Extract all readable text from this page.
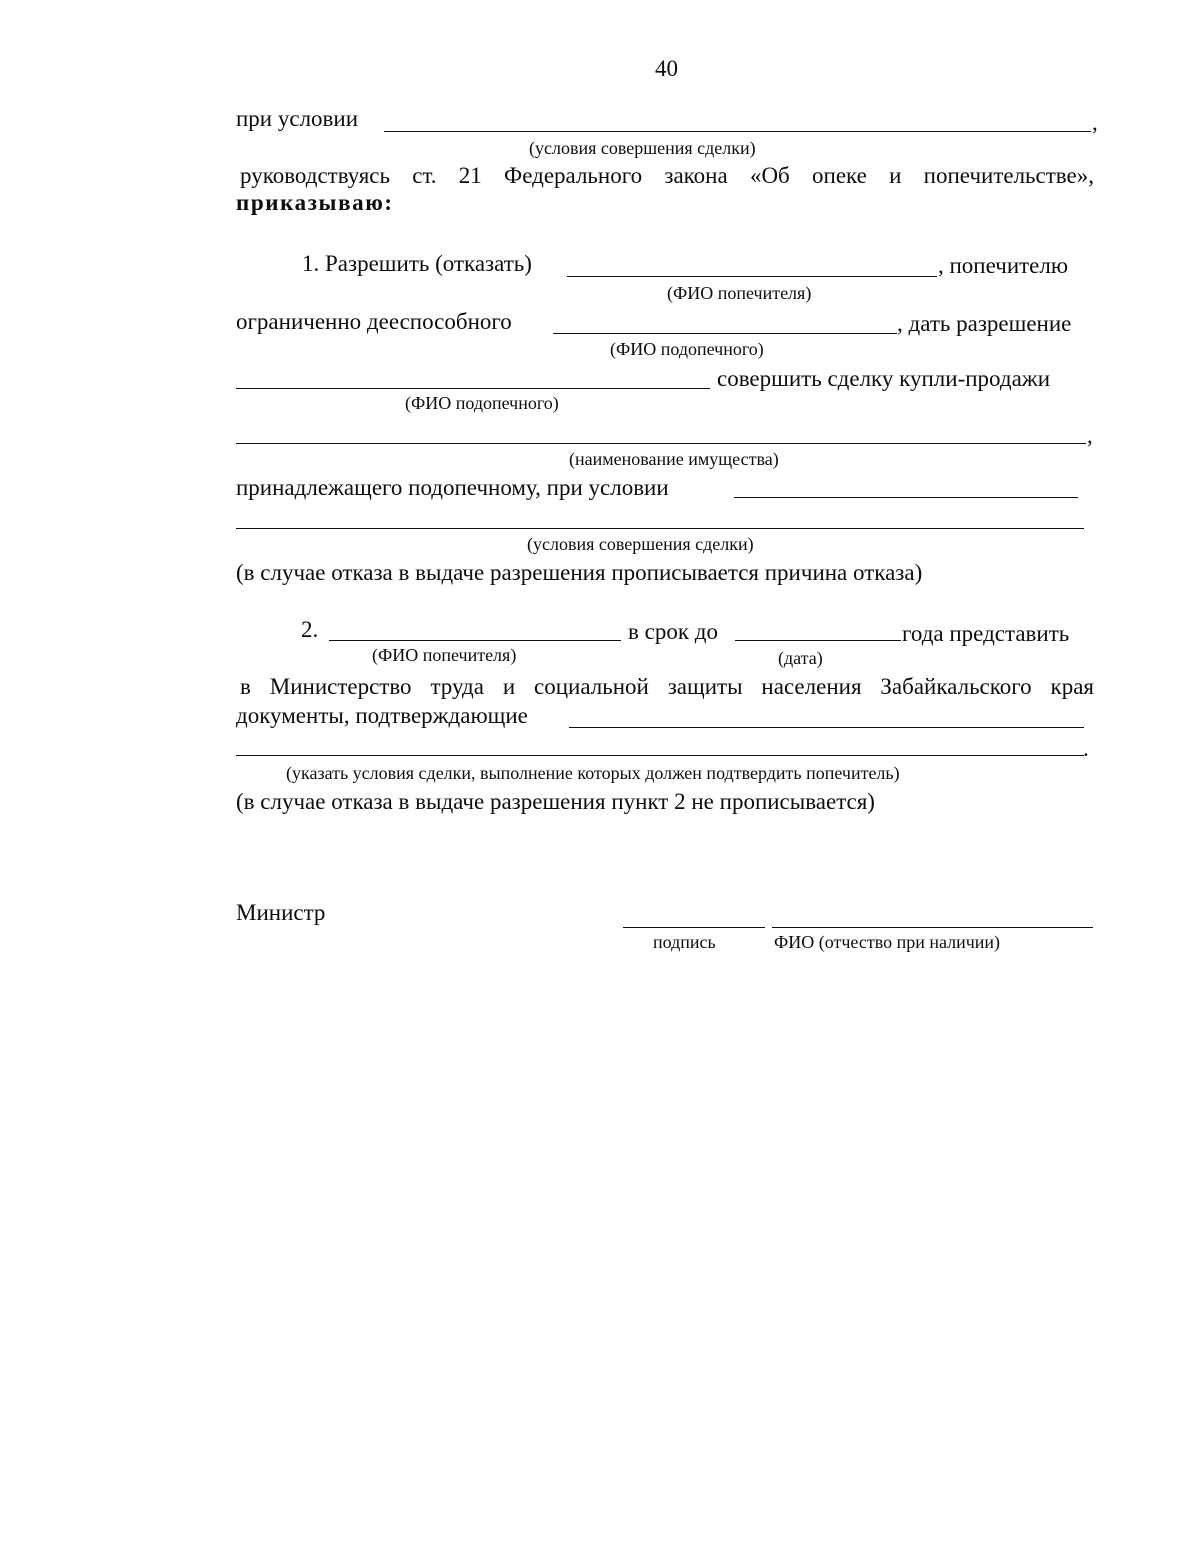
40
при условии	,
(условия совершения сделки)
руководствуясь ст. 21 Федерального закона «Об опеке и попечительстве»,
приказываю:
1. Разрешить (отказать)	, попечителю
(ФИО попечителя)
ограниченно дееспособного	, дать разрешение
(ФИО подопечного)
совершить сделку купли-продажи
(ФИО подопечного)
,
(наименование имущества)
принадлежащего подопечному, при условии
(условия совершения сделки)
(в случае отказа в выдаче разрешения прописывается причина отказа)
2.	в срок до	года представить
(ФИО попечителя)	(дата)
в Министерство труда и социальной защиты населения Забайкальского края
документы, подтверждающие
.
(указать условия сделки, выполнение которых должен подтвердить попечитель)
(в случае отказа в выдаче разрешения пункт 2 не прописывается)
Министр
подпись	ФИО (отчество при наличии)
